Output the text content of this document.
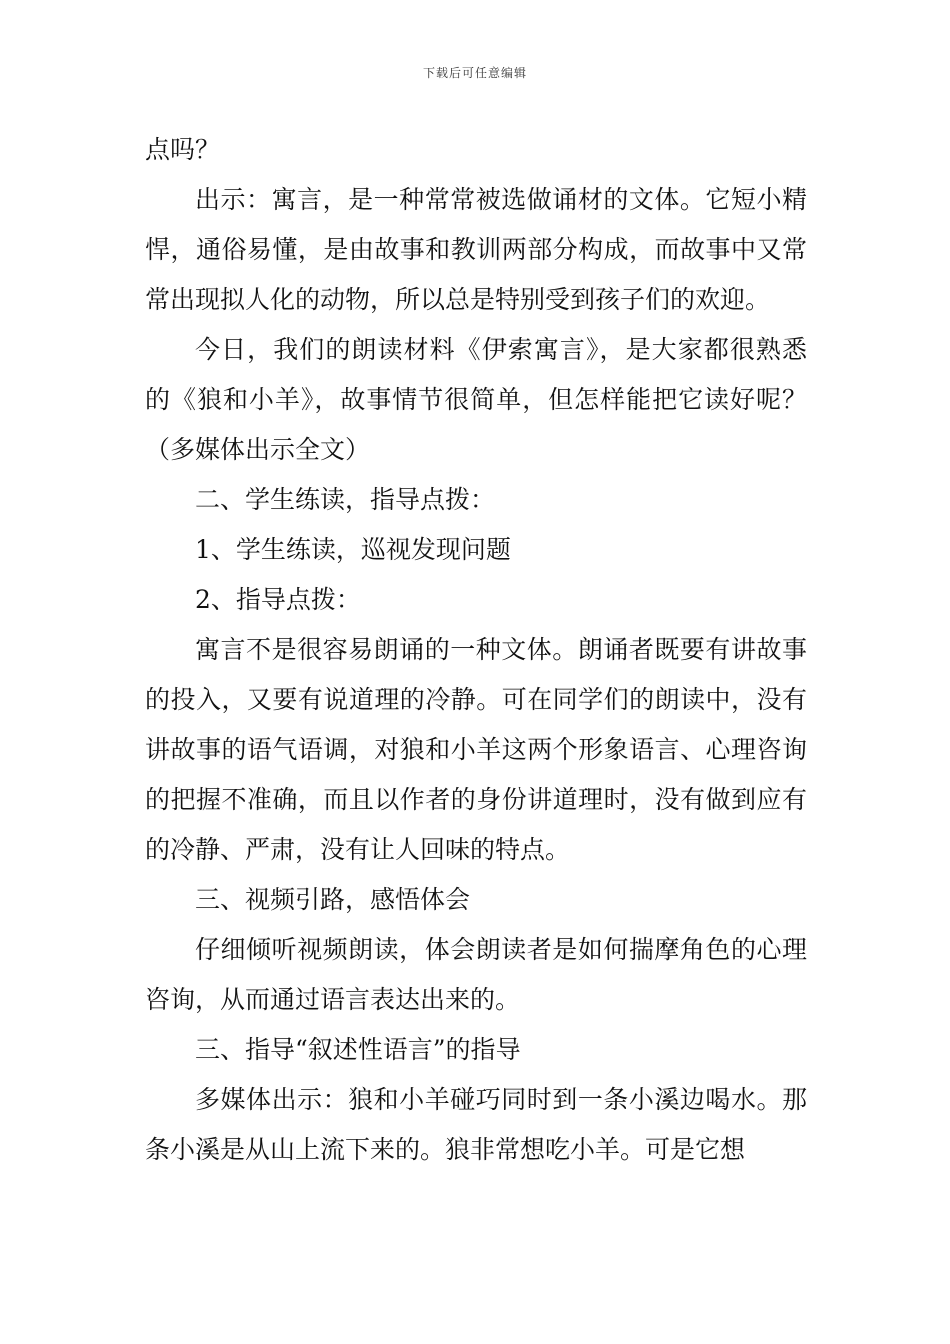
下载后可任意编辑

点吗？

出示：寓言，是一种常常被选做诵材的文体。它短小精悍，通俗易懂，是由故事和教训两部分构成，而故事中又常常出现拟人化的动物，所以总是特别受到孩子们的欢迎。

今日，我们的朗读材料《伊索寓言》，是大家都很熟悉的《狼和小羊》，故事情节很简单，但怎样能把它读好呢？（多媒体出示全文）

二、学生练读，指导点拨：

1、学生练读，巡视发现问题

2、指导点拨：

寓言不是很容易朗诵的一种文体。朗诵者既要有讲故事的投入，又要有说道理的冷静。可在同学们的朗读中，没有讲故事的语气语调，对狼和小羊这两个形象语言、心理咨询的把握不准确，而且以作者的身份讲道理时，没有做到应有的冷静、严肃，没有让人回味的特点。

三、视频引路，感悟体会

仔细倾听视频朗读，体会朗读者是如何揣摩角色的心理咨询，从而通过语言表达出来的。

三、指导“叙述性语言”的指导

多媒体出示：狼和小羊碰巧同时到一条小溪边喝水。那条小溪是从山上流下来的。狼非常想吃小羊。可是它想
